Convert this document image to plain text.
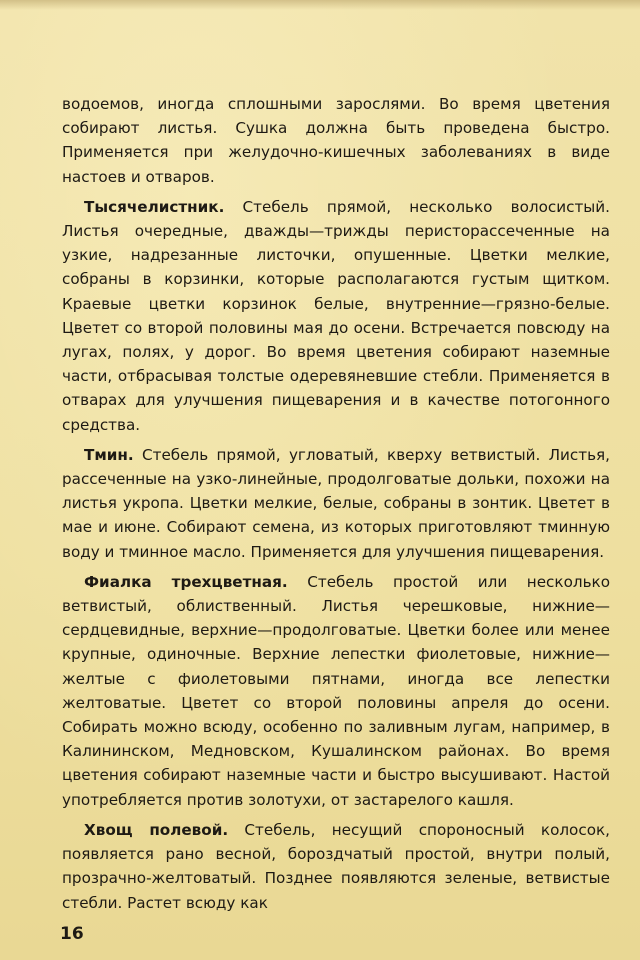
водоемов, иногда сплошными зарослями. Во время цветения собирают листья. Сушка должна быть проведена быстро. Применяется при желудочно-кишечных заболеваниях в виде настоев и отваров.

Тысячелистник. Стебель прямой, несколько волосистый. Листья очередные, дважды—трижды перисторассеченные на узкие, надрезанные листочки, опушенные. Цветки мелкие, собраны в корзинки, которые располагаются густым щитком. Краевые цветки корзинок белые, внутренние—грязно-белые. Цветет со второй половины мая до осени. Встречается повсюду на лугах, полях, у дорог. Во время цветения собирают наземные части, отбрасывая толстые одеревяневшие стебли. Применяется в отварах для улучшения пищеварения и в качестве потогонного средства.

Тмин. Стебель прямой, угловатый, кверху ветвистый. Листья, рассеченные на узко-линейные, продолговатые дольки, похожи на листья укропа. Цветки мелкие, белые, собраны в зонтик. Цветет в мае и июне. Собирают семена, из которых приготовляют тминную воду и тминное масло. Применяется для улучшения пищеварения.

Фиалка трехцветная. Стебель простой или несколько ветвистый, облиственный. Листья черешковые, нижние—сердцевидные, верхние—продолговатые. Цветки более или менее крупные, одиночные. Верхние лепестки фиолетовые, нижние—желтые с фиолетовыми пятнами, иногда все лепестки желтоватые. Цветет со второй половины апреля до осени. Собирать можно всюду, особенно по заливным лугам, например, в Калининском, Медновском, Кушалинском районах. Во время цветения собирают наземные части и быстро высушивают. Настой употребляется против золотухи, от застарелого кашля.

Хвощ полевой. Стебель, несущий спороносный колосок, появляется рано весной, бороздчатый простой, внутри полый, прозрачно-желтоватый. Позднее появляются зеленые, ветвистые стебли. Растет всюду как

16
